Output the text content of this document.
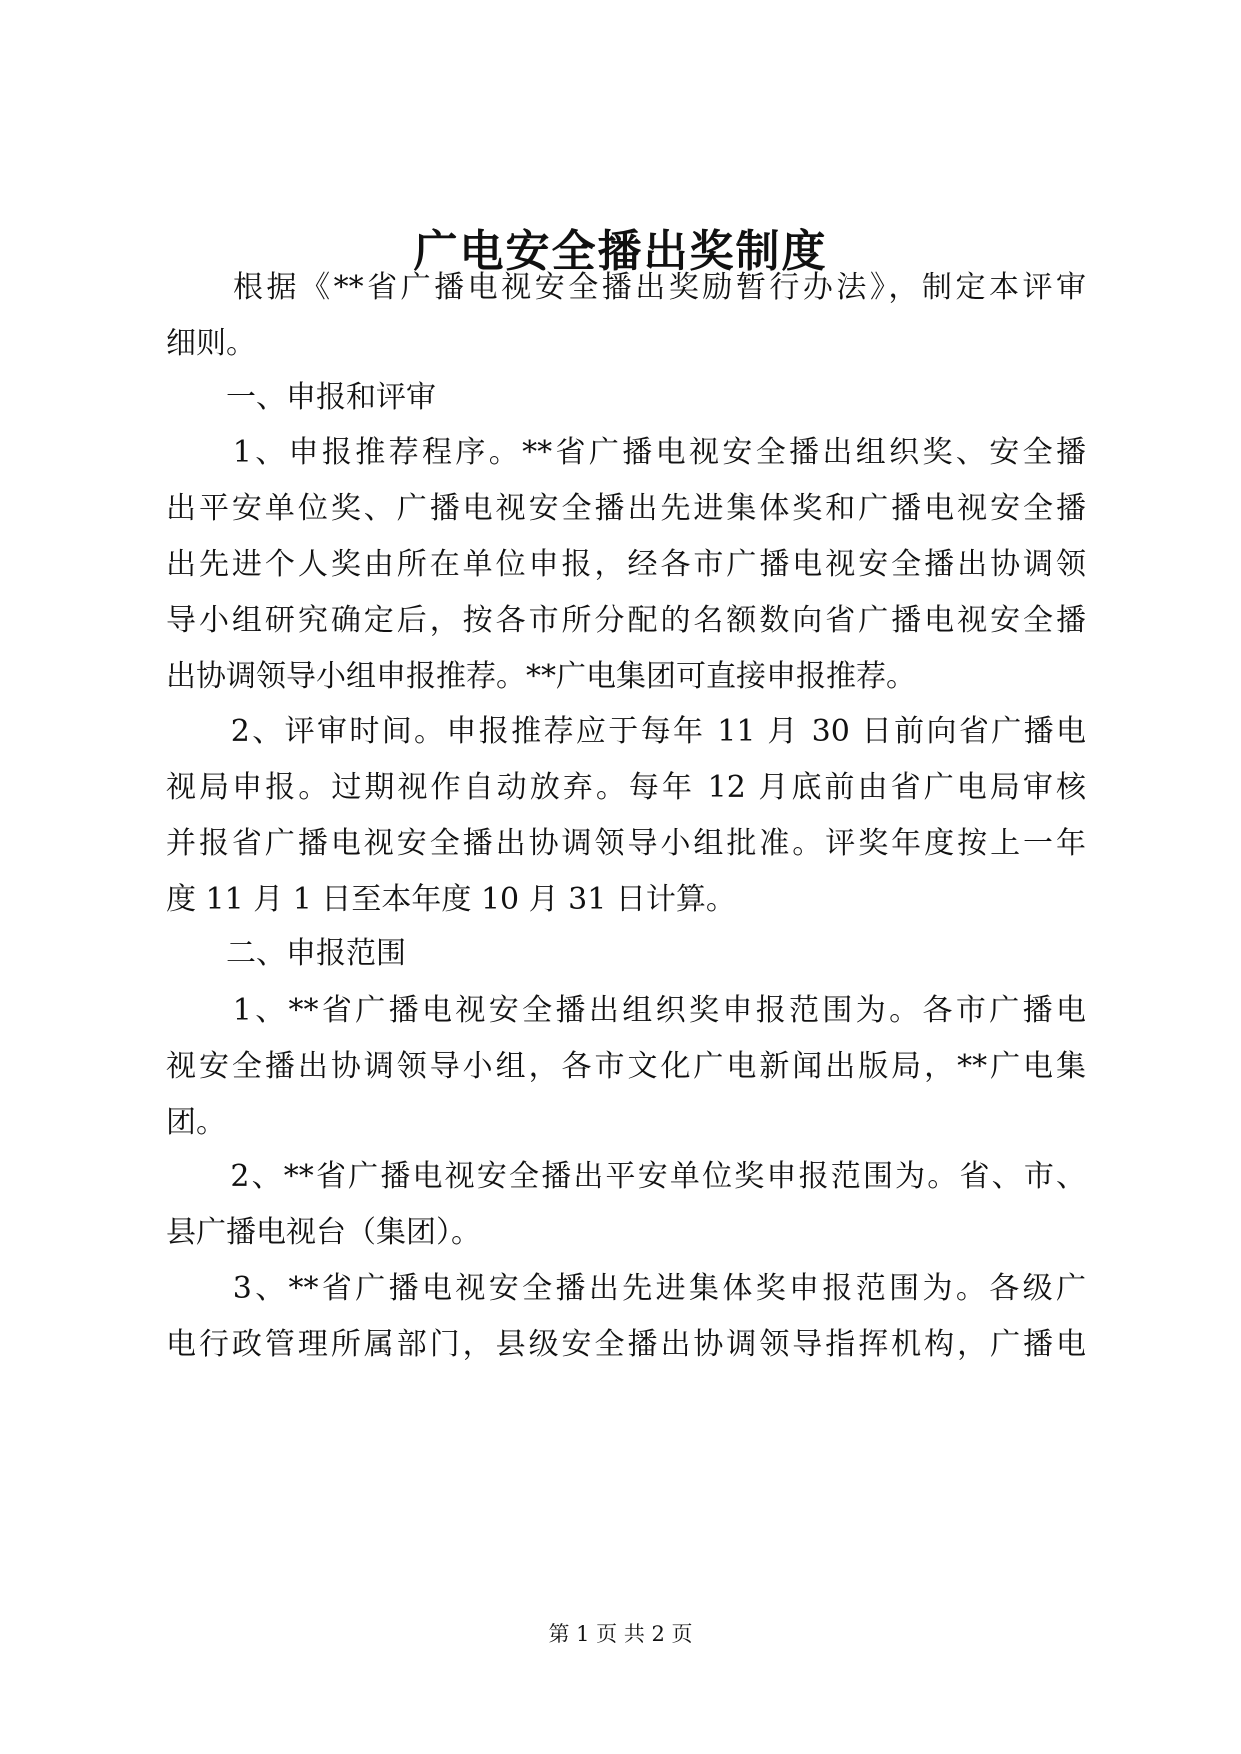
广电安全播出奖制度

　　根据《**省广播电视安全播出奖励暂行办法》，制定本评审

细则。

　　一、申报和评审

　　1、申报推荐程序。**省广播电视安全播出组织奖、安全播

出平安单位奖、广播电视安全播出先进集体奖和广播电视安全播

出先进个人奖由所在单位申报，经各市广播电视安全播出协调领

导小组研究确定后，按各市所分配的名额数向省广播电视安全播

出协调领导小组申报推荐。**广电集团可直接申报推荐。

　　2、评审时间。申报推荐应于每年 11 月 30 日前向省广播电

视局申报。过期视作自动放弃。每年 12 月底前由省广电局审核

并报省广播电视安全播出协调领导小组批准。评奖年度按上一年

度 11 月 1 日至本年度 10 月 31 日计算。

　　二、申报范围

　　1、**省广播电视安全播出组织奖申报范围为。各市广播电

视安全播出协调领导小组，各市文化广电新闻出版局，**广电集

团。

　　2、**省广播电视安全播出平安单位奖申报范围为。省、市、

县广播电视台（集团）。

　　3、**省广播电视安全播出先进集体奖申报范围为。各级广

电行政管理所属部门，县级安全播出协调领导指挥机构，广播电

第 1 页 共 2 页
